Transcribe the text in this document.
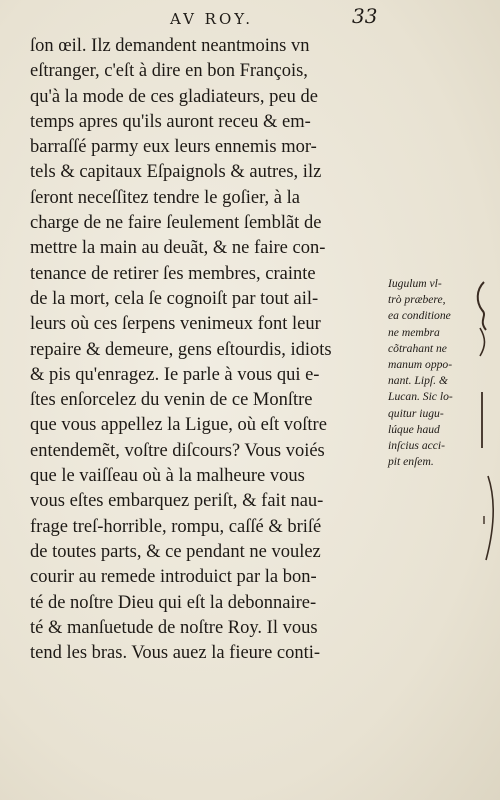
AV ROY.	33
ſon œil. Ilz demandent neantmoins vn
eſtranger, c'eſt à dire en bon François,
qu'à la mode de ces gladiateurs, peu de
temps apres qu'ils auront receu & em-
barraſſé parmy eux leurs ennemis mor-
tels & capitaux Eſpaignols & autres, ilz
ſeront neceſſitez tendre le goſier, à la
charge de ne faire ſeulement ſemblãt de
mettre la main au deuãt, & ne faire con-
tenance de retirer ſes membres, crainte
de la mort, cela ſe cognoiſt par tout ail-
leurs où ces ſerpens venimeux font leur
repaire & demeure, gens eſtourdis, idiots
& pis qu'enragez. Ie parle à vous qui e-
ſtes enſorcelez du venin de ce Monſtre
que vous appellez la Ligue, où eſt voſtre
entendemẽt, voſtre diſcours? Vous voiés
que le vaiſſeau où à la malheure vous
vous eſtes embarquez periſt, & fait nau-
frage treſ-horrible, rompu, caſſé & briſé
de toutes parts, & ce pendant ne voulez
courir au remede introduict par la bon-
té de noſtre Dieu qui eſt la debonnaire-
té & manſuetude de noſtre Roy. Il vous
tend les bras. Vous auez la fieure conti-
Iugulum vl-
trò præbere,
ea conditione
ne membra
cõtrahant ne
manum oppo-
nant. Lipſ. &
Lucan. Sic lo-
quitur iugu-
lúque haud
inſcius acci-
pit enſem.
